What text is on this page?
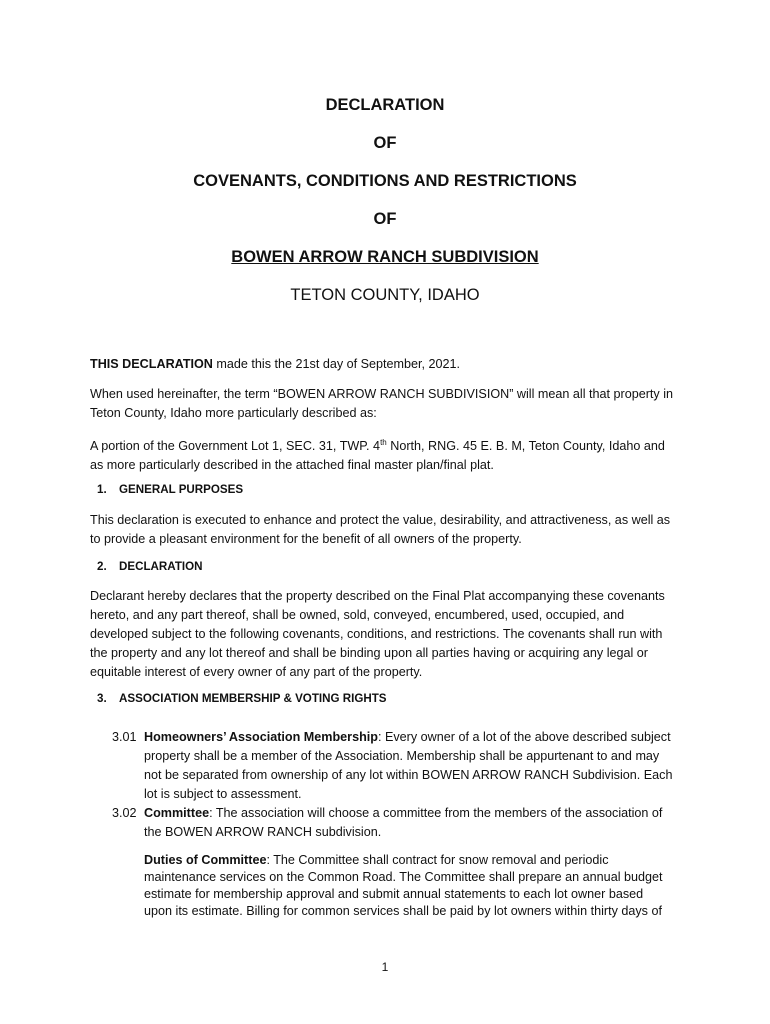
DECLARATION
OF
COVENANTS, CONDITIONS AND RESTRICTIONS
OF
BOWEN ARROW RANCH SUBDIVISION
TETON COUNTY, IDAHO
THIS DECLARATION made this the 21st day of September, 2021.
When used hereinafter, the term “BOWEN ARROW RANCH SUBDIVISION” will mean all that property in
Teton County, Idaho more particularly described as:
A portion of the Government Lot 1, SEC. 31, TWP. 4th North, RNG. 45 E. B. M, Teton County, Idaho and
as more particularly described in the attached final master plan/final plat.
1. GENERAL PURPOSES
This declaration is executed to enhance and protect the value, desirability, and attractiveness, as well as
to provide a pleasant environment for the benefit of all owners of the property.
2. DECLARATION
Declarant hereby declares that the property described on the Final Plat accompanying these covenants
hereto, and any part thereof, shall be owned, sold, conveyed, encumbered, used, occupied, and
developed subject to the following covenants, conditions, and restrictions. The covenants shall run with
the property and any lot thereof and shall be binding upon all parties having or acquiring any legal or
equitable interest of every owner of any part of the property.
3. ASSOCIATION MEMBERSHIP & VOTING RIGHTS
3.01 Homeowners’ Association Membership: Every owner of a lot of the above described subject
property shall be a member of the Association. Membership shall be appurtenant to and may
not be separated from ownership of any lot within BOWEN ARROW RANCH Subdivision. Each
lot is subject to assessment.
3.02 Committee: The association will choose a committee from the members of the association of
the BOWEN ARROW RANCH subdivision.
Duties of Committee: The Committee shall contract for snow removal and periodic
maintenance services on the Common Road. The Committee shall prepare an annual budget
estimate for membership approval and submit annual statements to each lot owner based
upon its estimate. Billing for common services shall be paid by lot owners within thirty days of
1
